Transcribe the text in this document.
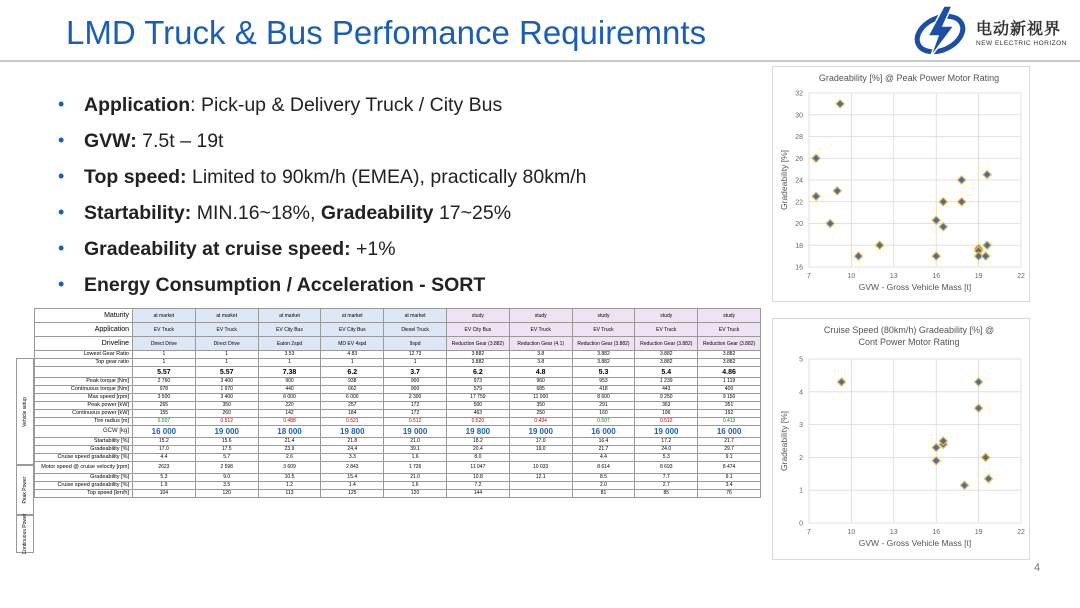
LMD Truck & Bus Perfomance Requiremnts	电动新视界
NEW ELECTRIC HORIZON
• Application: Pick-up & Delivery Truck / City Bus
• GVW: 7.5t – 19t
• Top speed: Limited to 90km/h (EMEA), practically 80km/h
• Startability: MIN.16~18%, Gradeability 17~25%
• Gradeability at cruise speed: +1%
• Energy Consumption / Acceleration - SORT
Vehicle setup
Peak Power
Continuous Power
Maturity	at market	at market	at market	at market	at market	study	study	study	study	study
Application	EV Truck	EV Truck	EV City Bus	EV City Bus	Diesel Truck	EV City Bus	EV Truck	EV Truck	EV Truck	EV Truck
Driveline	Direct Drive	Direct Drive	Eaton 2spd	MD EV 4spd	9spd	Reduction Gear (3.882)	Reduction Gear (4.1)	Reduction Gear (3.882)	Reduction Gear (3.882)	Reduction Gear (3.882)
Lowest Gear Ratio	1	1	3.53	4.83	12.73	3.882	3.8	3.882	3.882	3.882
Top gear ratio	1	1	1	1	1	3.882	3.8	3.882	3.882	3.882
	5.57	5.57	7.38	6.2	3.7	6.2	4.8	5.3	5.4	4.86
Peak torque [Nm]	2 760	3 400	900	938	900	973	960	953	1 239	1 119
Continuous torque [Nm]	978	1 970	440	662	900	579	685	418	443	400
Max speed [rpm]	3 500	3 400	6 000	6 000	2 300	17 759	11 000	8 600	9 250	9 150
Peak power [kW]	265	350	220	257	172	500	350	291	363	351
Continuous power [kW]	155	260	142	184	172	463	250	160	196	192
Tire radius [m]	0.507	0.512	0.488	0.521	0.512	0.520	0.434	0.507	0.512	0.413
GCW [kg]	16 000	19 000	18 000	19 800	19 000	19 800	19 000	16 000	19 000	16 000
Startability [%]	15.2	15.6	21.4	21.8	21.0	18.2	17.0	16.4	17.2	21.7
Gradeability [%]	17.0	17.5	23.9	24.4	39.1	20.4	19.0	21.7	24.0	29.7
Cruise speed gradeability [%]	4.4	5.7	2.6	3.3	1.6	8.0		4.4	5.3	9.1
Motor speed @ cruise velocity [rpm]	2623	2 598	3 609	2 843	1 726	11 047	10 033	8 614	8 693	8 474
Gradeability [%]	5.3	9.0	10.5	15.4	21.0	10.8	12.1	8.5	7.7	9.1
Cruise speed gradeability [%]	1.9	3.5	1.2	1.4	1.6	7.2		2.0	2.7	3.4
Top speed [km/h]	104	120	113	125	120	144		81	85	76
Gradeability [%] @ Peak Power Motor Rating
16
18
20
22
24
26
28
30
32
7	10	13	16	19	22
GVW - Gross Vehicle Mass [t]
Gradeability [%]
Cruise Speed (80km/h) Gradeability [%] @
Cont Power Motor Rating
0
1
2
3
4
5
7	10	13	16	19	22
GVW - Gross Vehicle Mass [t]
Gradeability [%]
4
